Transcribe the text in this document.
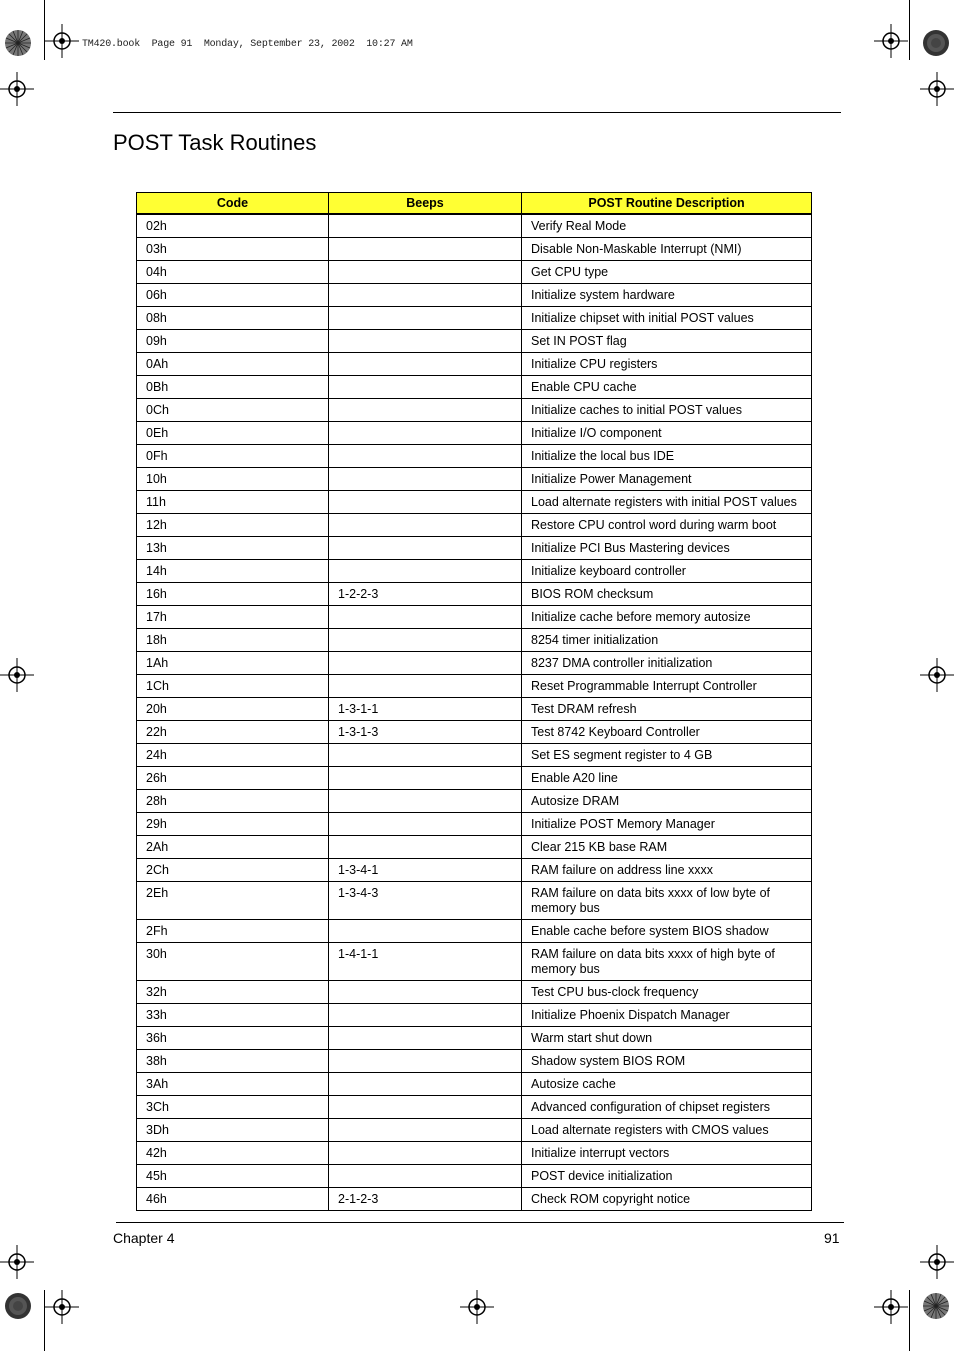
TM420.book  Page 91  Monday, September 23, 2002  10:27 AM
POST Task Routines
Code	Beeps	POST Routine Description
02h		Verify Real Mode
03h		Disable Non-Maskable Interrupt (NMI)
04h		Get CPU type
06h		Initialize system hardware
08h		Initialize chipset with initial POST values
09h		Set IN POST flag
0Ah		Initialize CPU registers
0Bh		Enable CPU cache
0Ch		Initialize caches to initial POST values
0Eh		Initialize I/O component
0Fh		Initialize the local bus IDE
10h		Initialize Power Management
11h		Load alternate registers with initial POST values
12h		Restore CPU control word during warm boot
13h		Initialize PCI Bus Mastering devices
14h		Initialize keyboard controller
16h	1-2-2-3	BIOS ROM checksum
17h		Initialize cache before memory autosize
18h		8254 timer initialization
1Ah		8237 DMA controller initialization
1Ch		Reset Programmable Interrupt Controller
20h	1-3-1-1	Test DRAM refresh
22h	1-3-1-3	Test 8742 Keyboard Controller
24h		Set ES segment register to 4 GB
26h		Enable A20 line
28h		Autosize DRAM
29h		Initialize POST Memory Manager
2Ah		Clear 215 KB base RAM
2Ch	1-3-4-1	RAM failure on address line xxxx
2Eh	1-3-4-3	RAM failure on data bits xxxx of low byte of memory bus
2Fh		Enable cache before system BIOS shadow
30h	1-4-1-1	RAM failure on data bits xxxx of high byte of memory bus
32h		Test CPU bus-clock frequency
33h		Initialize Phoenix Dispatch Manager
36h		Warm start shut down
38h		Shadow system BIOS ROM
3Ah		Autosize cache
3Ch		Advanced configuration of chipset registers
3Dh		Load alternate registers with CMOS values
42h		Initialize interrupt vectors
45h		POST device initialization
46h	2-1-2-3	Check ROM copyright notice
Chapter 4	91
